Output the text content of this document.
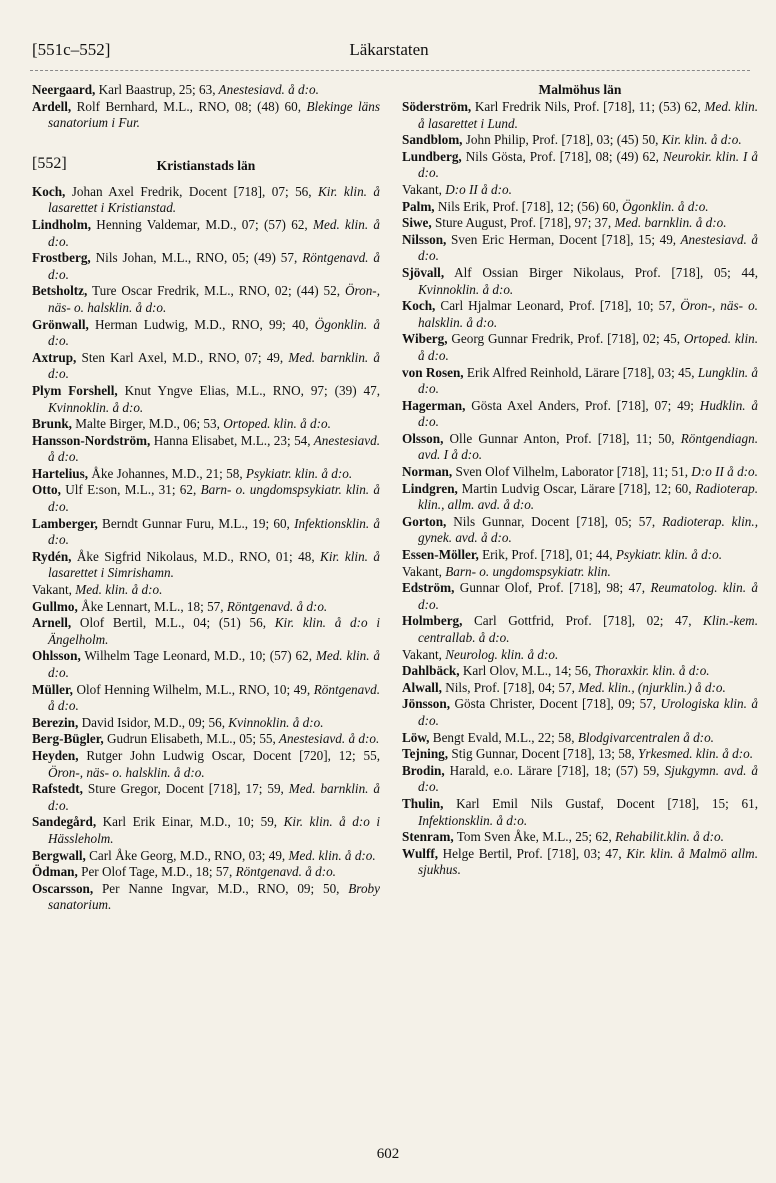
[551c–552]	Läkarstaten

Neergaard, Karl Baastrup, 25; 63, Anestesiavd. å d:o.

Ardell, Rolf Bernhard, M.L., RNO, 08; (48) 60, Blekinge läns sanatorium i Fur.

[552]	Kristianstads län

Koch, Johan Axel Fredrik, Docent [718], 07; 56, Kir. klin. å lasarettet i Kristianstad.

Lindholm, Henning Valdemar, M.D., 07; (57) 62, Med. klin. å d:o.

Frostberg, Nils Johan, M.L., RNO, 05; (49) 57, Röntgenavd. å d:o.

Betsholtz, Ture Oscar Fredrik, M.L., RNO, 02; (44) 52, Öron-, näs- o. halsklin. å d:o.

Grönwall, Herman Ludwig, M.D., RNO, 99; 40, Ögonklin. å d:o.

Axtrup, Sten Karl Axel, M.D., RNO, 07; 49, Med. barnklin. å d:o.

Plym Forshell, Knut Yngve Elias, M.L., RNO, 97; (39) 47, Kvinnoklin. å d:o.

Brunk, Malte Birger, M.D., 06; 53, Ortoped. klin. å d:o.

Hansson-Nordström, Hanna Elisabet, M.L., 23; 54, Anestesiavd. å d:o.

Hartelius, Åke Johannes, M.D., 21; 58, Psykiatr. klin. å d:o.

Otto, Ulf E:son, M.L., 31; 62, Barn- o. ungdomspsykiatr. klin. å d:o.

Lamberger, Berndt Gunnar Furu, M.L., 19; 60, Infektionsklin. å d:o.

Rydén, Åke Sigfrid Nikolaus, M.D., RNO, 01; 48, Kir. klin. å lasarettet i Simrishamn.

Vakant, Med. klin. å d:o.

Gullmo, Åke Lennart, M.L., 18; 57, Röntgenavd. å d:o.

Arnell, Olof Bertil, M.L., 04; (51) 56, Kir. klin. å d:o i Ängelholm.

Ohlsson, Wilhelm Tage Leonard, M.D., 10; (57) 62, Med. klin. å d:o.

Müller, Olof Henning Wilhelm, M.L., RNO, 10; 49, Röntgenavd. å d:o.

Berezin, David Isidor, M.D., 09; 56, Kvinnoklin. å d:o.

Berg-Bügler, Gudrun Elisabeth, M.L., 05; 55, Anestesiavd. å d:o.

Heyden, Rutger John Ludwig Oscar, Docent [720], 12; 55, Öron-, näs- o. halsklin. å d:o.

Rafstedt, Sture Gregor, Docent [718], 17; 59, Med. barnklin. å d:o.

Sandegård, Karl Erik Einar, M.D., 10; 59, Kir. klin. å d:o i Hässleholm.

Bergwall, Carl Åke Georg, M.D., RNO, 03; 49, Med. klin. å d:o.

Ödman, Per Olof Tage, M.D., 18; 57, Röntgenavd. å d:o.

Oscarsson, Per Nanne Ingvar, M.D., RNO, 09; 50, Broby sanatorium.

Malmöhus län

Söderström, Karl Fredrik Nils, Prof. [718], 11; (53) 62, Med. klin. å lasarettet i Lund.

Sandblom, John Philip, Prof. [718], 03; (45) 50, Kir. klin. å d:o.

Lundberg, Nils Gösta, Prof. [718], 08; (49) 62, Neurokir. klin. I å d:o.

Vakant, D:o II å d:o.

Palm, Nils Erik, Prof. [718], 12; (56) 60, Ögonklin. å d:o.

Siwe, Sture August, Prof. [718], 97; 37, Med. barnklin. å d:o.

Nilsson, Sven Eric Herman, Docent [718], 15; 49, Anestesiavd. å d:o.

Sjövall, Alf Ossian Birger Nikolaus, Prof. [718], 05; 44, Kvinnoklin. å d:o.

Koch, Carl Hjalmar Leonard, Prof. [718], 10; 57, Öron-, näs- o. halsklin. å d:o.

Wiberg, Georg Gunnar Fredrik, Prof. [718], 02; 45, Ortoped. klin. å d:o.

von Rosen, Erik Alfred Reinhold, Lärare [718], 03; 45, Lungklin. å d:o.

Hagerman, Gösta Axel Anders, Prof. [718], 07; 49; Hudklin. å d:o.

Olsson, Olle Gunnar Anton, Prof. [718], 11; 50, Röntgendiagn. avd. I å d:o.

Norman, Sven Olof Vilhelm, Laborator [718], 11; 51, D:o II å d:o.

Lindgren, Martin Ludvig Oscar, Lärare [718], 12; 60, Radioterap. klin., allm. avd. å d:o.

Gorton, Nils Gunnar, Docent [718], 05; 57, Radioterap. klin., gynek. avd. å d:o.

Essen-Möller, Erik, Prof. [718], 01; 44, Psykiatr. klin. å d:o.

Vakant, Barn- o. ungdomspsykiatr. klin.

Edström, Gunnar Olof, Prof. [718], 98; 47, Reumatolog. klin. å d:o.

Holmberg, Carl Gottfrid, Prof. [718], 02; 47, Klin.-kem. centrallab. å d:o.

Vakant, Neurolog. klin. å d:o.

Dahlbäck, Karl Olov, M.L., 14; 56, Thoraxkir. klin. å d:o.

Alwall, Nils, Prof. [718], 04; 57, Med. klin., (njurklin.) å d:o.

Jönsson, Gösta Christer, Docent [718], 09; 57, Urologiska klin. å d:o.

Löw, Bengt Evald, M.L., 22; 58, Blodgivarcentralen å d:o.

Tejning, Stig Gunnar, Docent [718], 13; 58, Yrkesmed. klin. å d:o.

Brodin, Harald, e.o. Lärare [718], 18; (57) 59, Sjukgymn. avd. å d:o.

Thulin, Karl Emil Nils Gustaf, Docent [718], 15; 61, Infektionsklin. å d:o.

Stenram, Tom Sven Åke, M.L., 25; 62, Rehabilit.klin. å d:o.

Wulff, Helge Bertil, Prof. [718], 03; 47, Kir. klin. å Malmö allm. sjukhus.

602
